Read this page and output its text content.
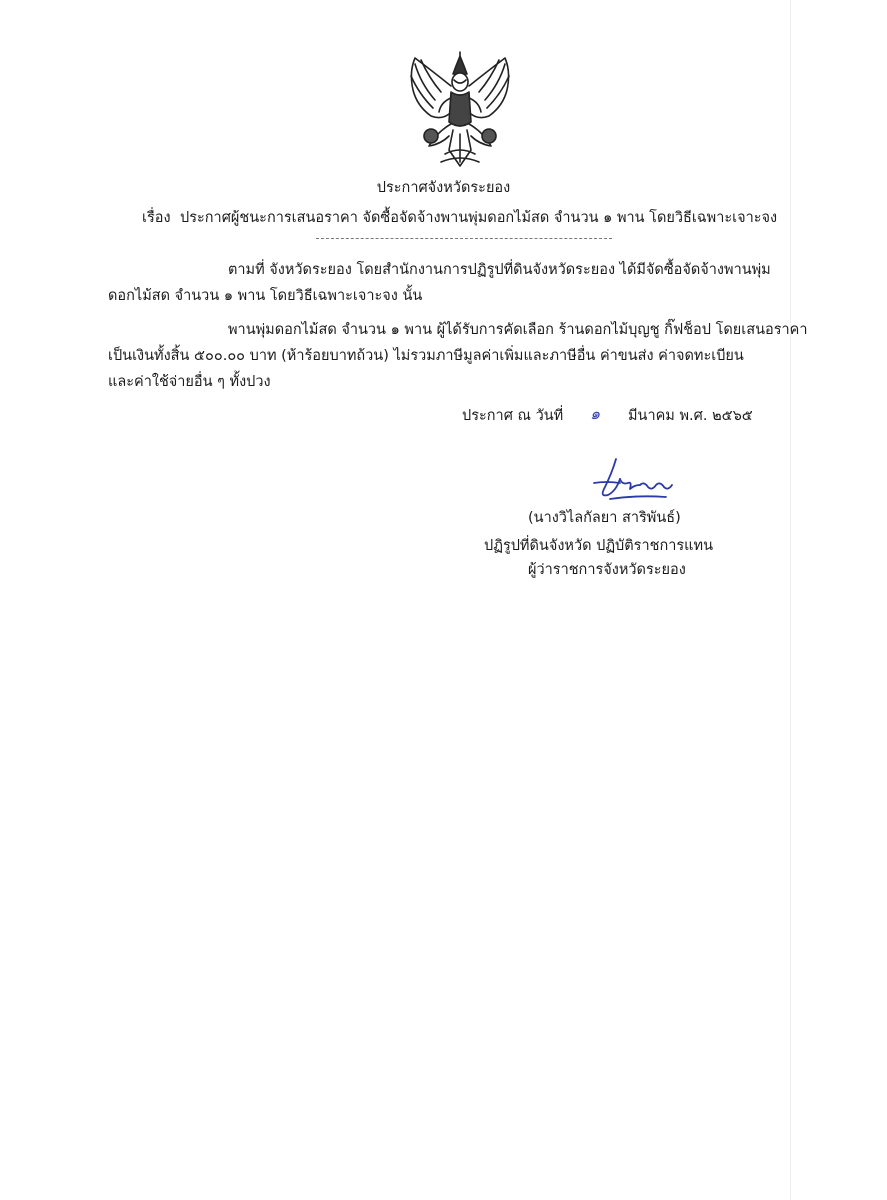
ประกาศจังหวัดระยอง
เรื่อง ประกาศผู้ชนะการเสนอราคา จัดซื้อจัดจ้างพานพุ่มดอกไม้สด จำนวน ๑ พาน โดยวิธีเฉพาะเจาะจง
ตามที่ จังหวัดระยอง โดยสำนักงานการปฏิรูปที่ดินจังหวัดระยอง ได้มีจัดซื้อจัดจ้างพานพุ่ม
ดอกไม้สด จำนวน ๑ พาน โดยวิธีเฉพาะเจาะจง นั้น
พานพุ่มดอกไม้สด จำนวน ๑ พาน ผู้ได้รับการคัดเลือก ร้านดอกไม้บุญชู กิ๊ฟช็อป โดยเสนอราคา
เป็นเงินทั้งสิ้น ๕๐๐.๐๐ บาท (ห้าร้อยบาทถ้วน) ไม่รวมภาษีมูลค่าเพิ่มและภาษีอื่น ค่าขนส่ง ค่าจดทะเบียน
และค่าใช้จ่ายอื่น ๆ ทั้งปวง
ประกาศ ณ วันที่ ๑ มีนาคม พ.ศ. ๒๕๖๕
(นางวิไลกัลยา สาริพันธ์)
ปฏิรูปที่ดินจังหวัด ปฏิบัติราชการแทน
ผู้ว่าราชการจังหวัดระยอง
